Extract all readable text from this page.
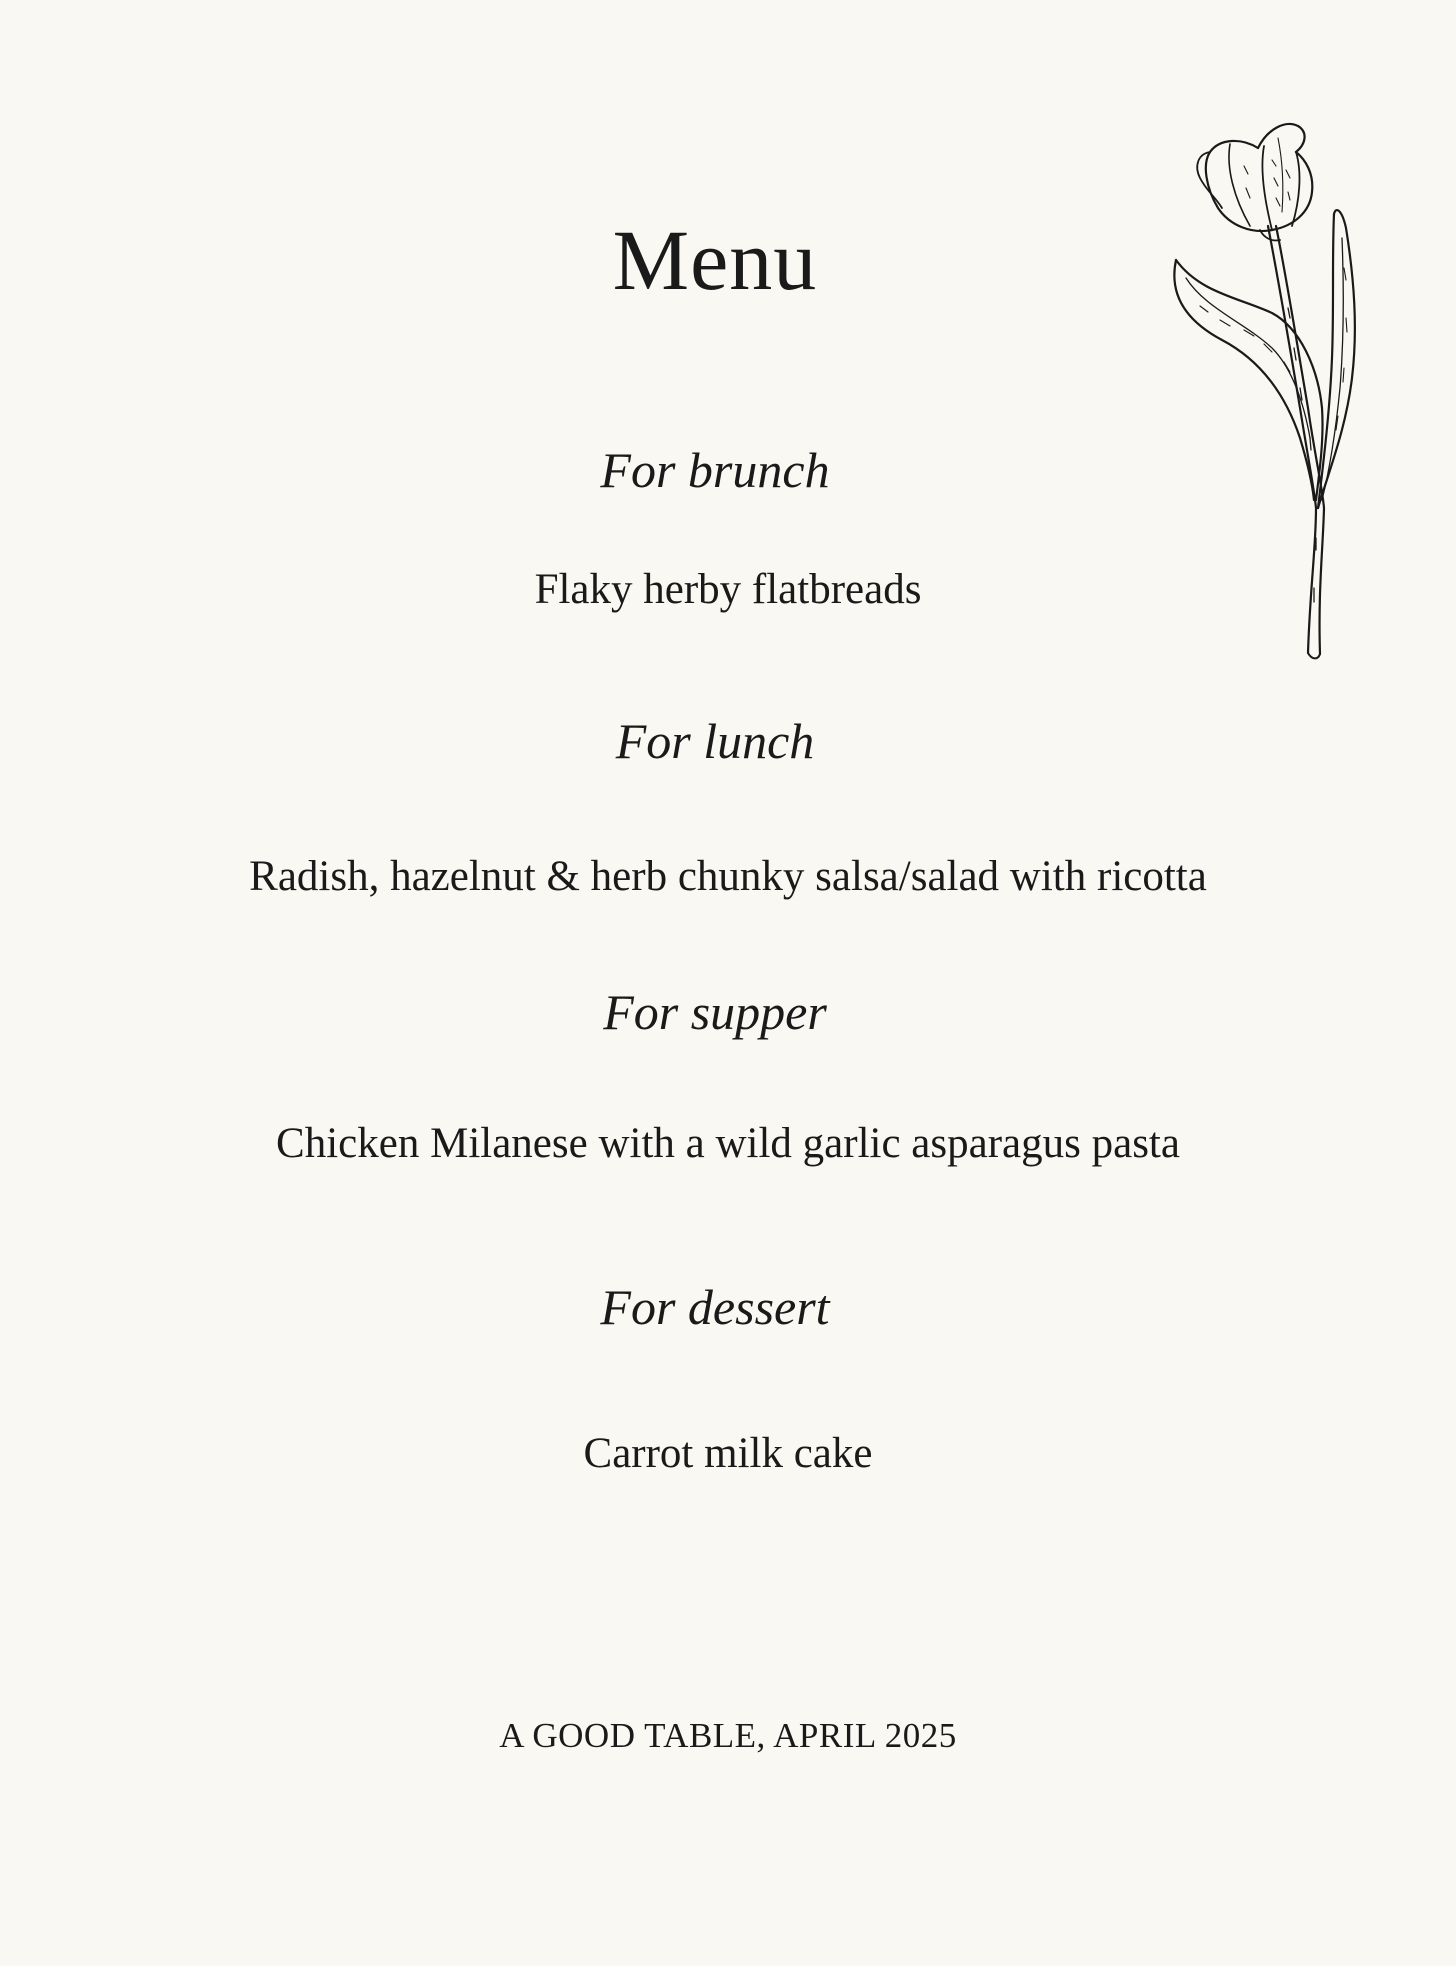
Menu
For brunch
Flaky herby flatbreads
For lunch
Radish, hazelnut & herb chunky salsa/salad with ricotta
For supper
Chicken Milanese with a wild garlic asparagus pasta
For dessert
Carrot milk cake
A GOOD TABLE, APRIL 2025
